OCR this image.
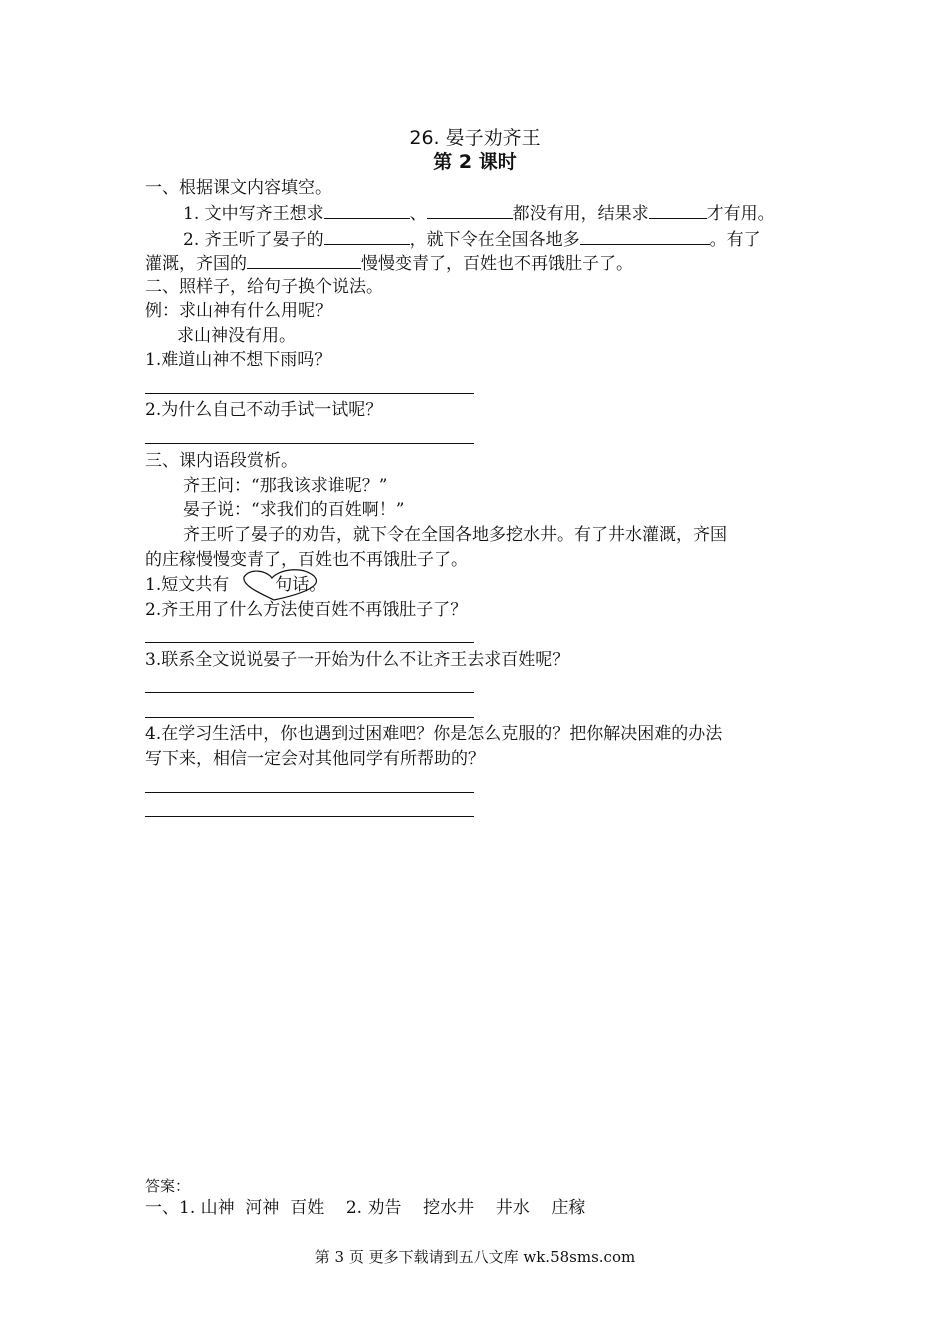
26. 晏子劝齐王
第 2 课时
一、根据课文内容填空。
1. 文中写齐王想求	、	都没有用，结果求	才有用。
2. 齐王听了晏子的	，就下令在全国各地多	。有了
灌溉，齐国的	慢慢变青了，百姓也不再饿肚子了。
二、照样子，给句子换个说法。
例：求山神有什么用呢？
求山神没有用。
1.难道山神不想下雨吗？
2.为什么自己不动手试一试呢？
三、课内语段赏析。
齐王问：“那我该求谁呢？”
晏子说：“求我们的百姓啊！”
齐王听了晏子的劝告，就下令在全国各地多挖水井。有了井水灌溉，齐国
的庄稼慢慢变青了，百姓也不再饿肚子了。
1.短文共有	句话。
2.齐王用了什么方法使百姓不再饿肚子了？
3.联系全文说说晏子一开始为什么不让齐王去求百姓呢？
4.在学习生活中，你也遇到过困难吧？你是怎么克服的？把你解决困难的办法
写下来，相信一定会对其他同学有所帮助的？
答案：
一、1. 山神  河神  百姓    2. 劝告    挖水井    井水    庄稼
第 3 页 更多下载请到五八文库 wk.58sms.com
